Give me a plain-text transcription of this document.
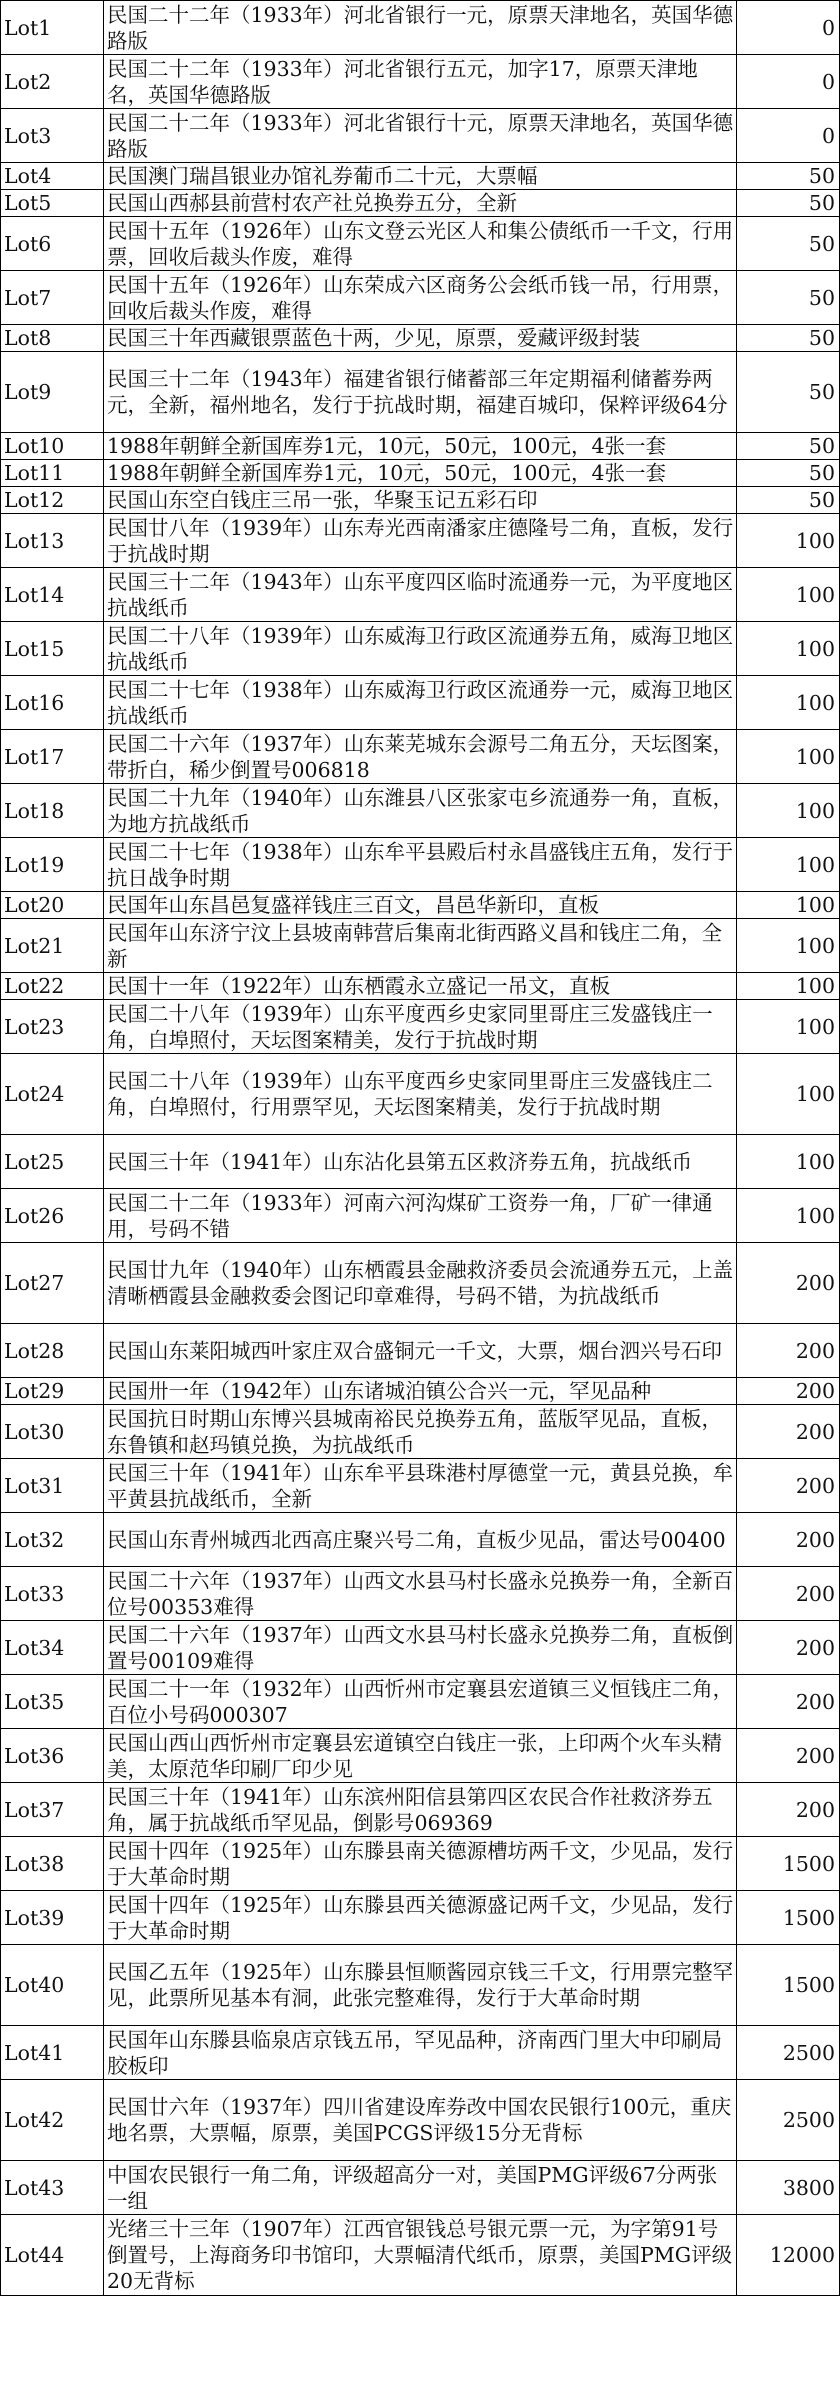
Lot1	民国二十二年（1933年）河北省银行一元，原票天津地名，英国华德路版	0
Lot2	民国二十二年（1933年）河北省银行五元，加字17，原票天津地名，英国华德路版	0
Lot3	民国二十二年（1933年）河北省银行十元，原票天津地名，英国华德路版	0
Lot4	民国澳门瑞昌银业办馆礼券葡币二十元，大票幅	50
Lot5	民国山西郝县前营村农产社兑换券五分，全新	50
Lot6	民国十五年（1926年）山东文登云光区人和集公债纸币一千文，行用票，回收后裁头作废，难得	50
Lot7	民国十五年（1926年）山东荣成六区商务公会纸币钱一吊，行用票，回收后裁头作废，难得	50
Lot8	民国三十年西藏银票蓝色十两，少见，原票，爱藏评级封装	50
Lot9	民国三十二年（1943年）福建省银行储蓄部三年定期福利储蓄券两元，全新，福州地名，发行于抗战时期，福建百城印，保粹评级64分	50
Lot10	1988年朝鲜全新国库券1元，10元，50元，100元，4张一套	50
Lot11	1988年朝鲜全新国库券1元，10元，50元，100元，4张一套	50
Lot12	民国山东空白钱庄三吊一张，华聚玉记五彩石印	50
Lot13	民国廿八年（1939年）山东寿光西南潘家庄德隆号二角，直板，发行于抗战时期	100
Lot14	民国三十二年（1943年）山东平度四区临时流通券一元，为平度地区抗战纸币	100
Lot15	民国二十八年（1939年）山东威海卫行政区流通券五角，威海卫地区抗战纸币	100
Lot16	民国二十七年（1938年）山东威海卫行政区流通券一元，威海卫地区抗战纸币	100
Lot17	民国二十六年（1937年）山东莱芜城东会源号二角五分，天坛图案，带折白，稀少倒置号006818	100
Lot18	民国二十九年（1940年）山东潍县八区张家屯乡流通券一角，直板，为地方抗战纸币	100
Lot19	民国二十七年（1938年）山东牟平县殿后村永昌盛钱庄五角，发行于抗日战争时期	100
Lot20	民国年山东昌邑复盛祥钱庄三百文，昌邑华新印，直板	100
Lot21	民国年山东济宁汶上县坡南韩营后集南北街西路义昌和钱庄二角，全新	100
Lot22	民国十一年（1922年）山东栖霞永立盛记一吊文，直板	100
Lot23	民国二十八年（1939年）山东平度西乡史家同里哥庄三发盛钱庄一角，白埠照付，天坛图案精美，发行于抗战时期	100
Lot24	民国二十八年（1939年）山东平度西乡史家同里哥庄三发盛钱庄二角，白埠照付，行用票罕见，天坛图案精美，发行于抗战时期	100
Lot25	民国三十年（1941年）山东沾化县第五区救济券五角，抗战纸币	100
Lot26	民国二十二年（1933年）河南六河沟煤矿工资券一角，厂矿一律通用，号码不错	100
Lot27	民国廿九年（1940年）山东栖霞县金融救济委员会流通券五元，上盖清晰栖霞县金融救委会图记印章难得，号码不错，为抗战纸币	200
Lot28	民国山东莱阳城西叶家庄双合盛铜元一千文，大票，烟台泗兴号石印	200
Lot29	民国卅一年（1942年）山东诸城泊镇公合兴一元，罕见品种	200
Lot30	民国抗日时期山东博兴县城南裕民兑换券五角，蓝版罕见品，直板，东鲁镇和赵玛镇兑换，为抗战纸币	200
Lot31	民国三十年（1941年）山东牟平县珠港村厚德堂一元，黄县兑换，牟平黄县抗战纸币，全新	200
Lot32	民国山东青州城西北西高庄聚兴号二角，直板少见品，雷达号00400	200
Lot33	民国二十六年（1937年）山西文水县马村长盛永兑换券一角，全新百位号00353难得	200
Lot34	民国二十六年（1937年）山西文水县马村长盛永兑换券二角，直板倒置号00109难得	200
Lot35	民国二十一年（1932年）山西忻州市定襄县宏道镇三义恒钱庄二角，百位小号码000307	200
Lot36	民国山西山西忻州市定襄县宏道镇空白钱庄一张，上印两个火车头精美，太原范华印刷厂印少见	200
Lot37	民国三十年（1941年）山东滨州阳信县第四区农民合作社救济券五角，属于抗战纸币罕见品，倒影号069369	200
Lot38	民国十四年（1925年）山东滕县南关德源槽坊两千文，少见品，发行于大革命时期	1500
Lot39	民国十四年（1925年）山东滕县西关德源盛记两千文，少见品，发行于大革命时期	1500
Lot40	民国乙五年（1925年）山东滕县恒顺酱园京钱三千文，行用票完整罕见，此票所见基本有洞，此张完整难得，发行于大革命时期	1500
Lot41	民国年山东滕县临泉店京钱五吊，罕见品种，济南西门里大中印刷局胶板印	2500
Lot42	民国廿六年（1937年）四川省建设库券改中国农民银行100元，重庆地名票，大票幅，原票，美国PCGS评级15分无背标	2500
Lot43	中国农民银行一角二角，评级超高分一对，美国PMG评级67分两张一组	3800
Lot44	光绪三十三年（1907年）江西官银钱总号银元票一元，为字第91号倒置号，上海商务印书馆印，大票幅清代纸币，原票，美国PMG评级20无背标	12000
